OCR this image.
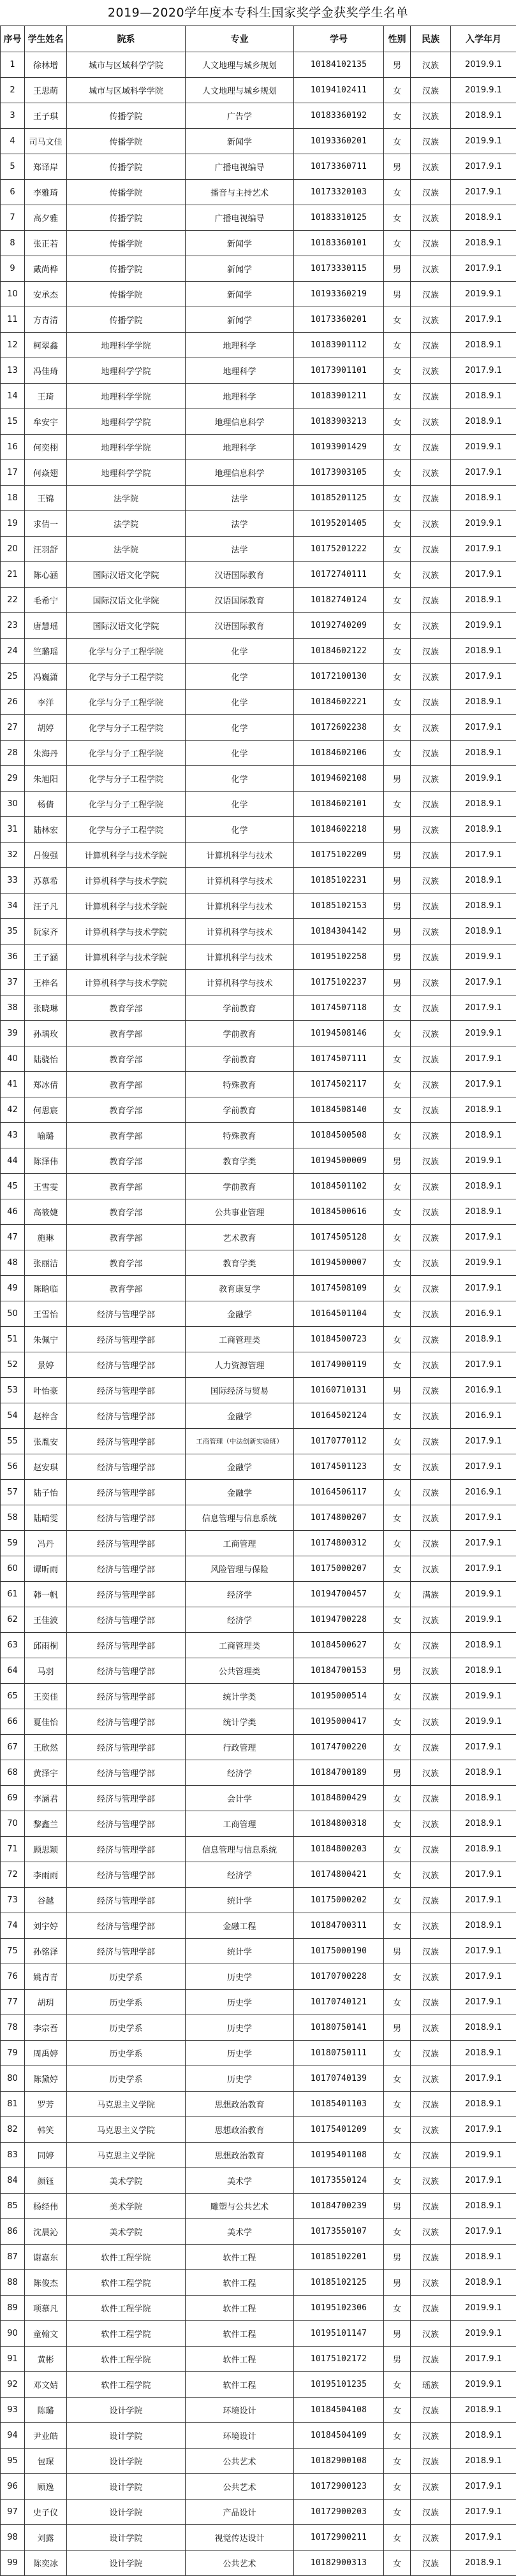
2019—2020学年度本专科生国家奖学金获奖学生名单
序号	学生姓名	院系	专业	学号	性别	民族	入学年月
1	徐林增	城市与区域科学学院	人文地理与城乡规划	10184102135	男	汉族	2019.9.1
2	王思萌	城市与区域科学学院	人文地理与城乡规划	10194102411	女	汉族	2019.9.1
3	王子琪	传播学院	广告学	10183360192	女	汉族	2018.9.1
4	司马文佳	传播学院	新闻学	10193360201	女	汉族	2019.9.1
5	郑译岸	传播学院	广播电视编导	10173360711	男	汉族	2017.9.1
6	李雅琦	传播学院	播音与主持艺术	10173320103	女	汉族	2017.9.1
7	高夕雅	传播学院	广播电视编导	10183310125	女	汉族	2018.9.1
8	张正若	传播学院	新闻学	10183360101	女	汉族	2018.9.1
9	戴尚桦	传播学院	新闻学	10173330115	男	汉族	2017.9.1
10	安承杰	传播学院	新闻学	10193360219	男	汉族	2019.9.1
11	方青清	传播学院	新闻学	10173360201	女	汉族	2017.9.1
12	柯翠鑫	地理科学学院	地理科学	10183901112	女	汉族	2018.9.1
13	冯佳琦	地理科学学院	地理科学	10173901101	女	汉族	2017.9.1
14	王琦	地理科学学院	地理科学	10183901211	女	汉族	2018.9.1
15	牟安宇	地理科学学院	地理信息科学	10183903213	女	汉族	2018.9.1
16	何奕栩	地理科学学院	地理科学	10193901429	女	汉族	2019.9.1
17	何焱翅	地理科学学院	地理信息科学	10173903105	女	汉族	2017.9.1
18	王锦	法学院	法学	10185201125	女	汉族	2018.9.1
19	求倩一	法学院	法学	10195201405	女	汉族	2019.9.1
20	汪羽舒	法学院	法学	10175201222	女	汉族	2017.9.1
21	陈心涵	国际汉语文化学院	汉语国际教育	10172740111	女	汉族	2017.9.1
22	毛希宁	国际汉语文化学院	汉语国际教育	10182740124	女	汉族	2018.9.1
23	唐慧瑶	国际汉语文化学院	汉语国际教育	10192740209	女	汉族	2019.9.1
24	竺璐瑶	化学与分子工程学院	化学	10184602122	女	汉族	2018.9.1
25	冯巍潇	化学与分子工程学院	化学	10172100130	女	汉族	2017.9.1
26	李洋	化学与分子工程学院	化学	10184602221	女	汉族	2018.9.1
27	胡婷	化学与分子工程学院	化学	10172602238	女	汉族	2017.9.1
28	朱海丹	化学与分子工程学院	化学	10184602106	女	汉族	2018.9.1
29	朱旭阳	化学与分子工程学院	化学	10194602108	男	汉族	2019.9.1
30	杨倩	化学与分子工程学院	化学	10184602101	女	汉族	2018.9.1
31	陆林宏	化学与分子工程学院	化学	10184602218	男	汉族	2018.9.1
32	吕俊强	计算机科学与技术学院	计算机科学与技术	10175102209	男	汉族	2017.9.1
33	苏慕希	计算机科学与技术学院	计算机科学与技术	10185102231	男	汉族	2018.9.1
34	汪子凡	计算机科学与技术学院	计算机科学与技术	10185102153	男	汉族	2018.9.1
35	阮家齐	计算机科学与技术学院	计算机科学与技术	10184304142	男	汉族	2018.9.1
36	王子涵	计算机科学与技术学院	计算机科学与技术	10195102258	男	汉族	2019.9.1
37	王梓名	计算机科学与技术学院	计算机科学与技术	10175102237	男	汉族	2017.9.1
38	张晓琳	教育学部	学前教育	10174507118	女	汉族	2017.9.1
39	孙瑀玫	教育学部	学前教育	10194508146	女	汉族	2019.9.1
40	陆骁怡	教育学部	学前教育	10174507111	女	汉族	2017.9.1
41	郑冰倩	教育学部	特殊教育	10174502117	女	汉族	2017.9.1
42	何思宸	教育学部	学前教育	10184508140	女	汉族	2018.9.1
43	喻璐	教育学部	特殊教育	10184500508	女	汉族	2018.9.1
44	陈泽伟	教育学部	教育学类	10194500009	男	汉族	2019.9.1
45	王雪雯	教育学部	学前教育	10184501102	女	汉族	2018.9.1
46	高筱婕	教育学部	公共事业管理	10184500616	女	汉族	2018.9.1
47	施琳	教育学部	艺术教育	10174505128	女	汉族	2017.9.1
48	张丽洁	教育学部	教育学类	10194500007	女	汉族	2019.9.1
49	陈晗临	教育学部	教育康复学	10174508109	女	汉族	2017.9.1
50	王雪怡	经济与管理学部	金融学	10164501104	女	汉族	2016.9.1
51	朱佩宁	经济与管理学部	工商管理类	10184500723	女	汉族	2018.9.1
52	景婷	经济与管理学部	人力资源管理	10174900119	女	汉族	2017.9.1
53	叶怡豪	经济与管理学部	国际经济与贸易	10160710131	男	汉族	2016.9.1
54	赵梓含	经济与管理学部	金融学	10164502124	女	汉族	2016.9.1
55	张胤安	经济与管理学部	工商管理（中法创新实验班）	10170770112	女	汉族	2017.9.1
56	赵安琪	经济与管理学部	金融学	10174501123	女	汉族	2017.9.1
57	陆子怡	经济与管理学部	金融学	10164506117	女	汉族	2016.9.1
58	陆晴雯	经济与管理学部	信息管理与信息系统	10174800207	女	汉族	2017.9.1
59	冯丹	经济与管理学部	工商管理	10174800312	女	汉族	2017.9.1
60	谭昕雨	经济与管理学部	风险管理与保险	10175000207	女	汉族	2017.9.1
61	韩一帆	经济与管理学部	经济学	10194700457	女	满族	2019.9.1
62	王佳波	经济与管理学部	经济学	10194700228	女	汉族	2019.9.1
63	邱雨桐	经济与管理学部	工商管理类	10184500627	女	汉族	2018.9.1
64	马羽	经济与管理学部	公共管理类	10184700153	男	汉族	2018.9.1
65	王奕佳	经济与管理学部	统计学类	10195000514	女	汉族	2019.9.1
66	夏佳怡	经济与管理学部	统计学类	10195000417	女	汉族	2019.9.1
67	王欣然	经济与管理学部	行政管理	10174700220	女	汉族	2017.9.1
68	黄泽宇	经济与管理学部	经济学	10184700189	男	汉族	2018.9.1
69	李涵君	经济与管理学部	会计学	10184800429	女	汉族	2018.9.1
70	黎鑫兰	经济与管理学部	工商管理	10184800318	女	汉族	2018.9.1
71	顾思颖	经济与管理学部	信息管理与信息系统	10184800203	女	汉族	2018.9.1
72	李雨雨	经济与管理学部	经济学	10174800421	女	汉族	2017.9.1
73	谷越	经济与管理学部	统计学	10175000202	女	汉族	2017.9.1
74	刘宇婷	经济与管理学部	金融工程	10184700311	女	汉族	2018.9.1
75	孙铭泽	经济与管理学部	统计学	10175000190	男	汉族	2017.9.1
76	姚青青	历史学系	历史学	10170700228	女	汉族	2017.9.1
77	胡玥	历史学系	历史学	10170740121	女	汉族	2017.9.1
78	李宗吾	历史学系	历史学	10180750141	男	汉族	2018.9.1
79	周禹婷	历史学系	历史学	10180750111	女	汉族	2018.9.1
80	陈黛婷	历史学系	历史学	10170740139	女	汉族	2017.9.1
81	罗芳	马克思主义学院	思想政治教育	10185401103	女	汉族	2018.9.1
82	韩笑	马克思主义学院	思想政治教育	10175401209	女	汉族	2017.9.1
83	同婷	马克思主义学院	思想政治教育	10195401108	女	汉族	2019.9.1
84	颜钰	美术学院	美术学	10173550124	女	汉族	2017.9.1
85	杨经伟	美术学院	雕塑与公共艺术	10184700239	男	汉族	2018.9.1
86	沈晨沁	美术学院	美术学	10173550107	女	汉族	2017.9.1
87	谢嘉东	软件工程学院	软件工程	10185102201	男	汉族	2018.9.1
88	陈俊杰	软件工程学院	软件工程	10185102125	男	汉族	2018.9.1
89	项慕凡	软件工程学院	软件工程	10195102306	女	汉族	2019.9.1
90	童翰文	软件工程学院	软件工程	10195101147	男	汉族	2019.9.1
91	黄彬	软件工程学院	软件工程	10175102172	男	汉族	2017.9.1
92	邓文婧	软件工程学院	软件工程	10195101235	女	瑶族	2019.9.1
93	陈璐	设计学院	环境设计	10184504108	女	汉族	2018.9.1
94	尹业皓	设计学院	环境设计	10184504109	女	汉族	2018.9.1
95	包琛	设计学院	公共艺术	10182900108	女	汉族	2018.9.1
96	顾逸	设计学院	公共艺术	10172900123	女	汉族	2017.9.1
97	史子仪	设计学院	产品设计	10172900203	女	汉族	2017.9.1
98	刘露	设计学院	视觉传达设计	10172900211	女	汉族	2017.9.1
99	陈奕冰	设计学院	公共艺术	10182900313	女	汉族	2018.9.1
